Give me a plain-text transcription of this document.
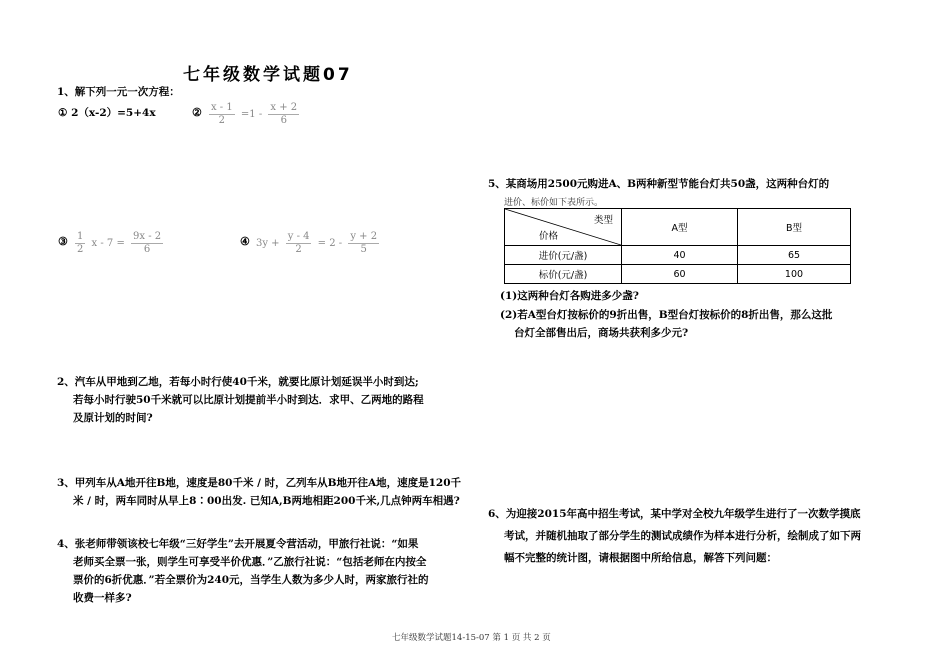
七年级数学试题07
1、解下列一元一次方程：
① 2（x-2）=5+4x	② $\frac{x - 1}{2} =1 - \frac{x + 2}{6}$
③ $\frac{1}{2}$ $x - 7 = \frac{9x - 2}{6}$	④ $3y + \frac{y - 4}{2} = 2 - \frac{y + 2}{5}$
2、汽车从甲地到乙地，若每小时行使40千米，就要比原计划延误半小时到达;
若每小时行驶50千米就可以比原计划提前半小时到达．求甲、乙两地的路程
及原计划的时间?
3、甲列车从A地开往B地，速度是80千米 / 时，乙列车从B地开往A地，速度是120千
米 / 时，两车同时从早上8∶00出发. 已知A,B两地相距200千米,几点钟两车相遇?
4、张老师带领该校七年级“三好学生”去开展夏令营活动，甲旅行社说：“如果
老师买全票一张，则学生可享受半价优惠．”乙旅行社说：“包括老师在内按全
票价的6折优惠．”若全票价为240元，当学生人数为多少人时，两家旅行社的
收费一样多?
5、某商场用2500元购进A、B两种新型节能台灯共50盏，这两种台灯的
进价、标价如下表所示。
类型
价格	A型	B型
进价(元/盏)	40	65
标价(元/盏)	60	100
(1)这两种台灯各购进多少盏?
(2)若A型台灯按标价的9折出售，B型台灯按标价的8折出售，那么这批
台灯全部售出后，商场共获利多少元?
6、为迎接2015年高中招生考试，某中学对全校九年级学生进行了一次数学摸底
考试，并随机抽取了部分学生的测试成绩作为样本进行分析，绘制成了如下两
幅不完整的统计图，请根据图中所给信息，解答下列问题：
七年级数学试题14-15-07 第 1 页 共 2 页
